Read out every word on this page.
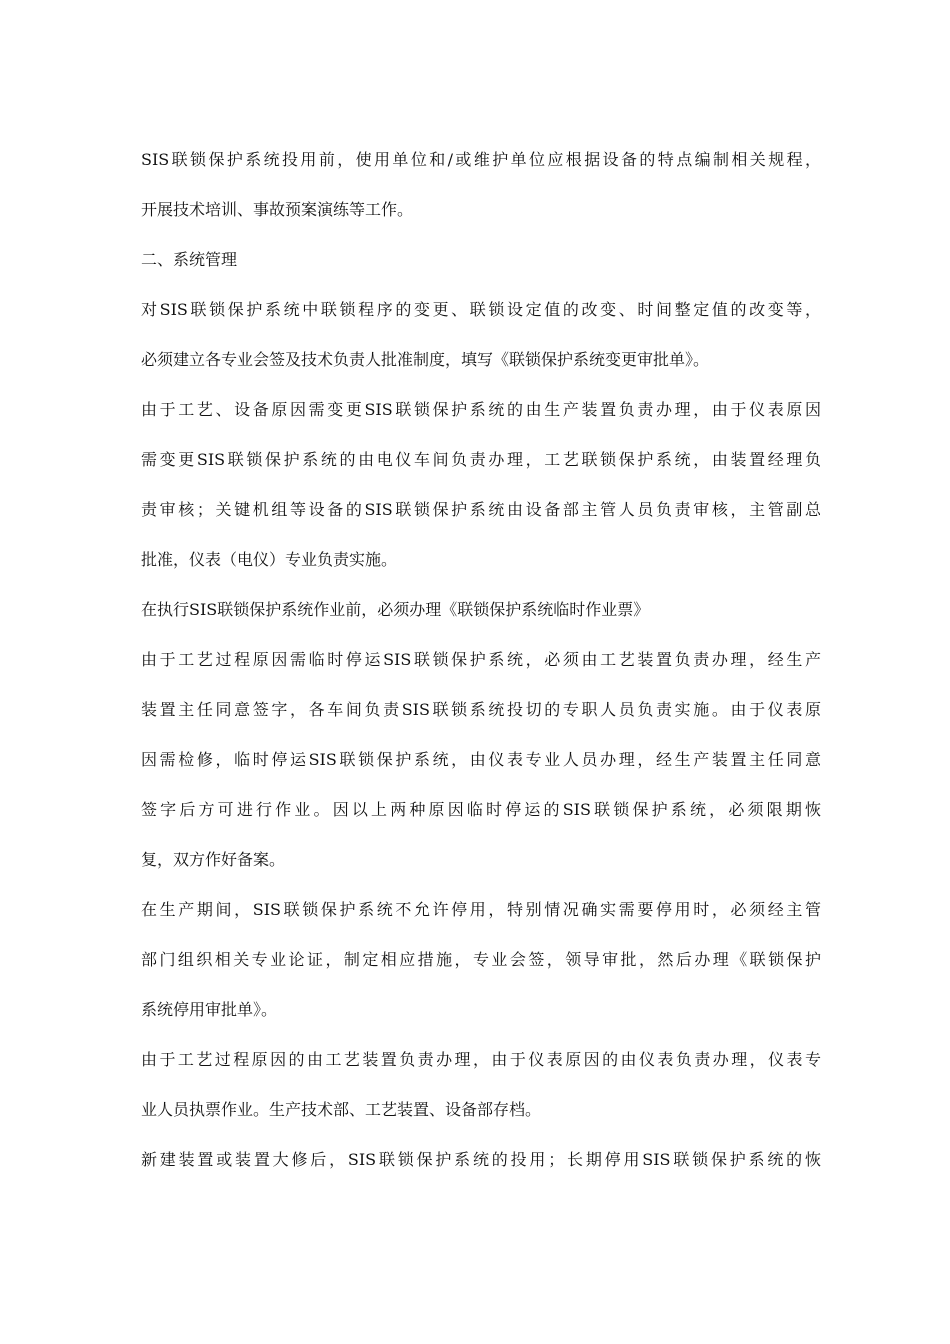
SIS联锁保护系统投用前，使用单位和/或维护单位应根据设备的特点编制相关规程，
开展技术培训、事故预案演练等工作。

二、系统管理

对SIS联锁保护系统中联锁程序的变更、联锁设定值的改变、时间整定值的改变等，
必须建立各专业会签及技术负责人批准制度，填写《联锁保护系统变更审批单》。

由于工艺、设备原因需变更SIS联锁保护系统的由生产装置负责办理，由于仪表原因
需变更SIS联锁保护系统的由电仪车间负责办理，工艺联锁保护系统，由装置经理负
责审核；关键机组等设备的SIS联锁保护系统由设备部主管人员负责审核，主管副总
批准，仪表（电仪）专业负责实施。

在执行SIS联锁保护系统作业前，必须办理《联锁保护系统临时作业票》

由于工艺过程原因需临时停运SIS联锁保护系统，必须由工艺装置负责办理，经生产
装置主任同意签字，各车间负责SIS联锁系统投切的专职人员负责实施。由于仪表原
因需检修，临时停运SIS联锁保护系统，由仪表专业人员办理，经生产装置主任同意
签字后方可进行作业。因以上两种原因临时停运的SIS联锁保护系统，必须限期恢
复，双方作好备案。

在生产期间，SIS联锁保护系统不允许停用，特别情况确实需要停用时，必须经主管
部门组织相关专业论证，制定相应措施，专业会签，领导审批，然后办理《联锁保护
系统停用审批单》。

由于工艺过程原因的由工艺装置负责办理，由于仪表原因的由仪表负责办理，仪表专
业人员执票作业。生产技术部、工艺装置、设备部存档。

新建装置或装置大修后，SIS联锁保护系统的投用；长期停用SIS联锁保护系统的恢
